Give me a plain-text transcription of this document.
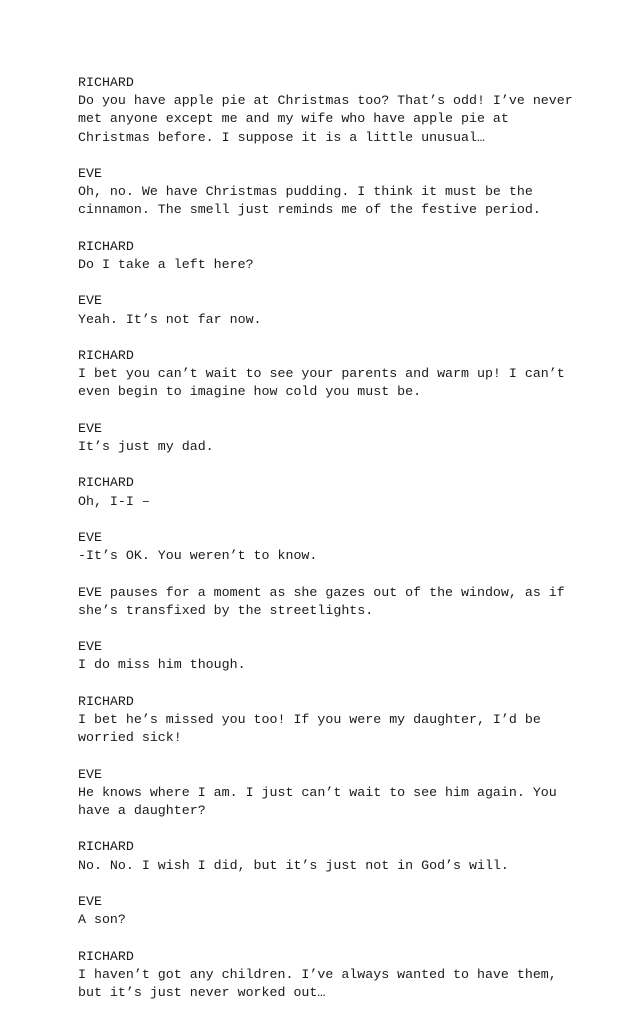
RICHARD
Do you have apple pie at Christmas too? That’s odd! I’ve never
met anyone except me and my wife who have apple pie at
Christmas before. I suppose it is a little unusual…
EVE
Oh, no. We have Christmas pudding. I think it must be the
cinnamon. The smell just reminds me of the festive period.
RICHARD
Do I take a left here?
EVE
Yeah. It’s not far now.
RICHARD
I bet you can’t wait to see your parents and warm up! I can’t
even begin to imagine how cold you must be.
EVE
It’s just my dad.
RICHARD
Oh, I-I –
EVE
-It’s OK. You weren’t to know.
EVE pauses for a moment as she gazes out of the window, as if
she’s transfixed by the streetlights.
EVE
I do miss him though.
RICHARD
I bet he’s missed you too! If you were my daughter, I’d be
worried sick!
EVE
He knows where I am. I just can’t wait to see him again. You
have a daughter?
RICHARD
No. No. I wish I did, but it’s just not in God’s will.
EVE
A son?
RICHARD
I haven’t got any children. I’ve always wanted to have them,
but it’s just never worked out…
